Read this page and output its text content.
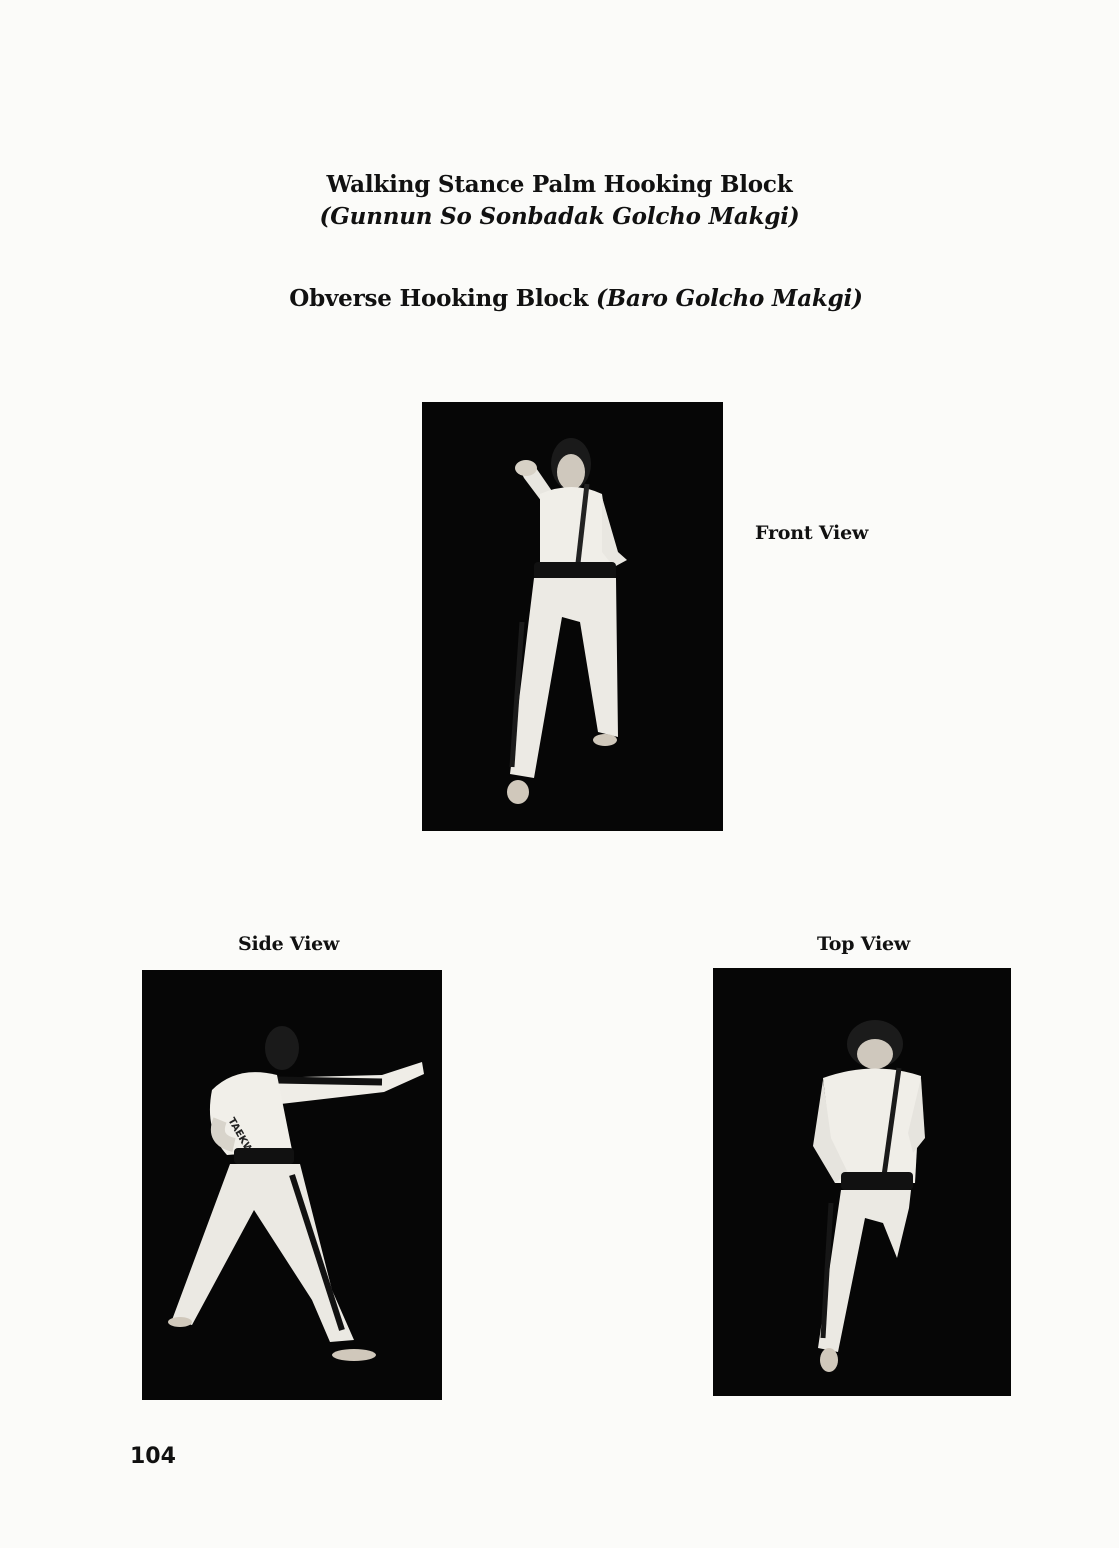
Walking Stance Palm Hooking Block
(Gunnun So Sonbadak Golcho Makgi)
Obverse Hooking Block (Baro Golcho Makgi)
Front View
Side View	Top View
104
